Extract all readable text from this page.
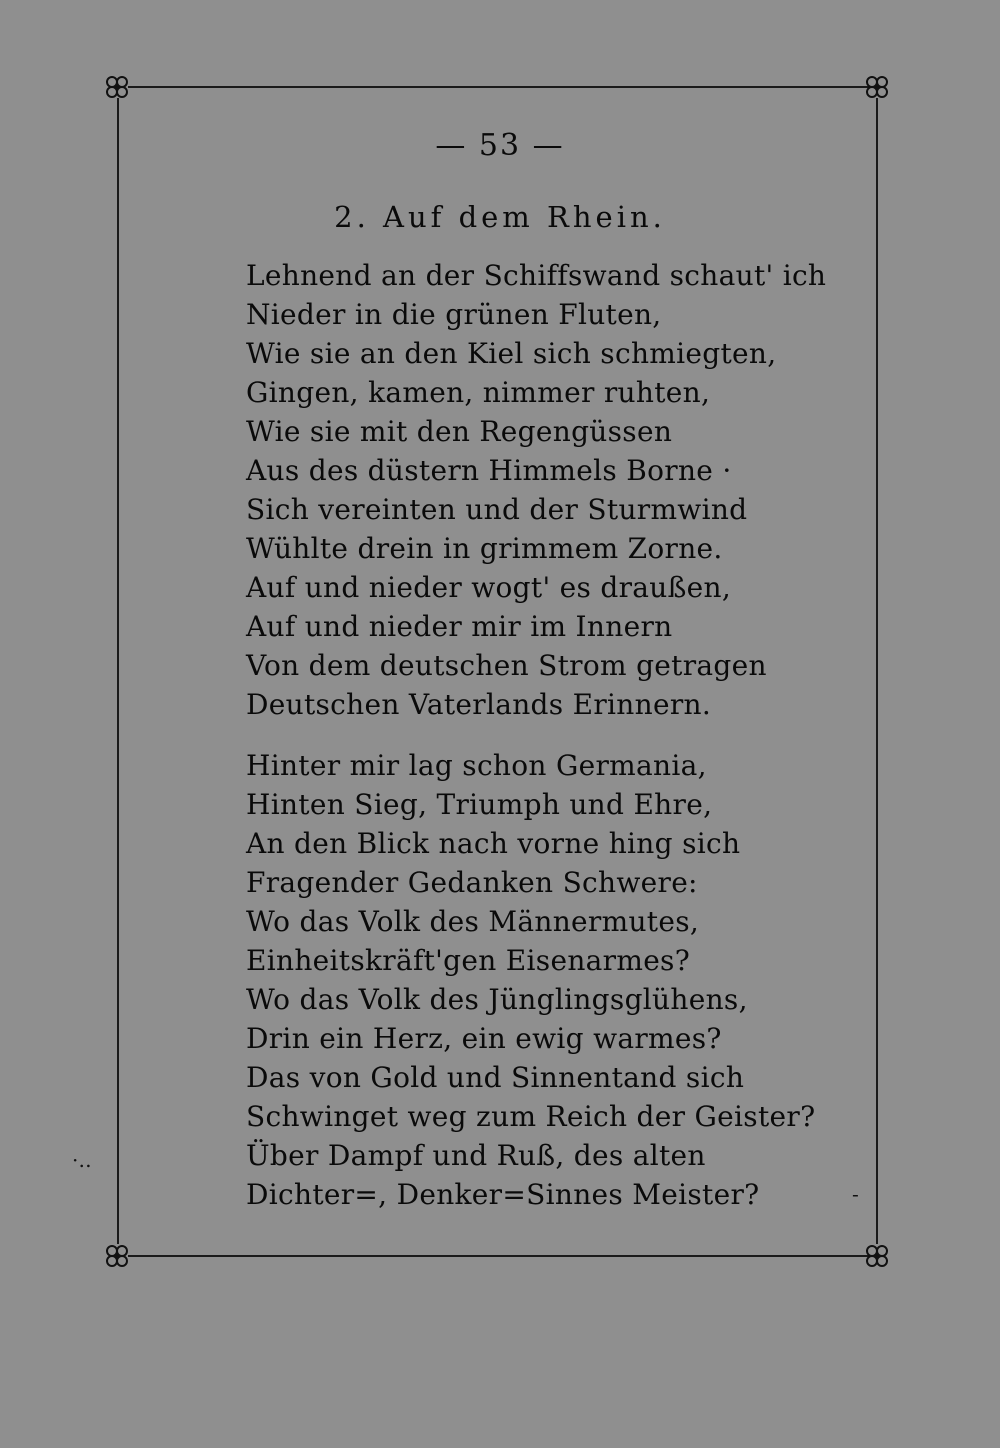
— 53 —
2. Auf dem Rhein.
Lehnend an der Schiffswand schaut' ich
Nieder in die grünen Fluten,
Wie sie an den Kiel sich schmiegten,
Gingen, kamen, nimmer ruhten,
Wie sie mit den Regengüssen
Aus des düstern Himmels Borne ·
Sich vereinten und der Sturmwind
Wühlte drein in grimmem Zorne.
Auf und nieder wogt' es draußen,
Auf und nieder mir im Innern
Von dem deutschen Strom getragen
Deutschen Vaterlands Erinnern.
Hinter mir lag schon Germania,
Hinten Sieg, Triumph und Ehre,
An den Blick nach vorne hing sich
Fragender Gedanken Schwere:
Wo das Volk des Männermutes,
Einheitskräft'gen Eisenarmes?
Wo das Volk des Jünglingsglühens,
Drin ein Herz, ein ewig warmes?
Das von Gold und Sinnentand sich
Schwinget weg zum Reich der Geister?
Über Dampf und Ruß, des alten
Dichter=, Denker=Sinnes Meister?
·‥
-
